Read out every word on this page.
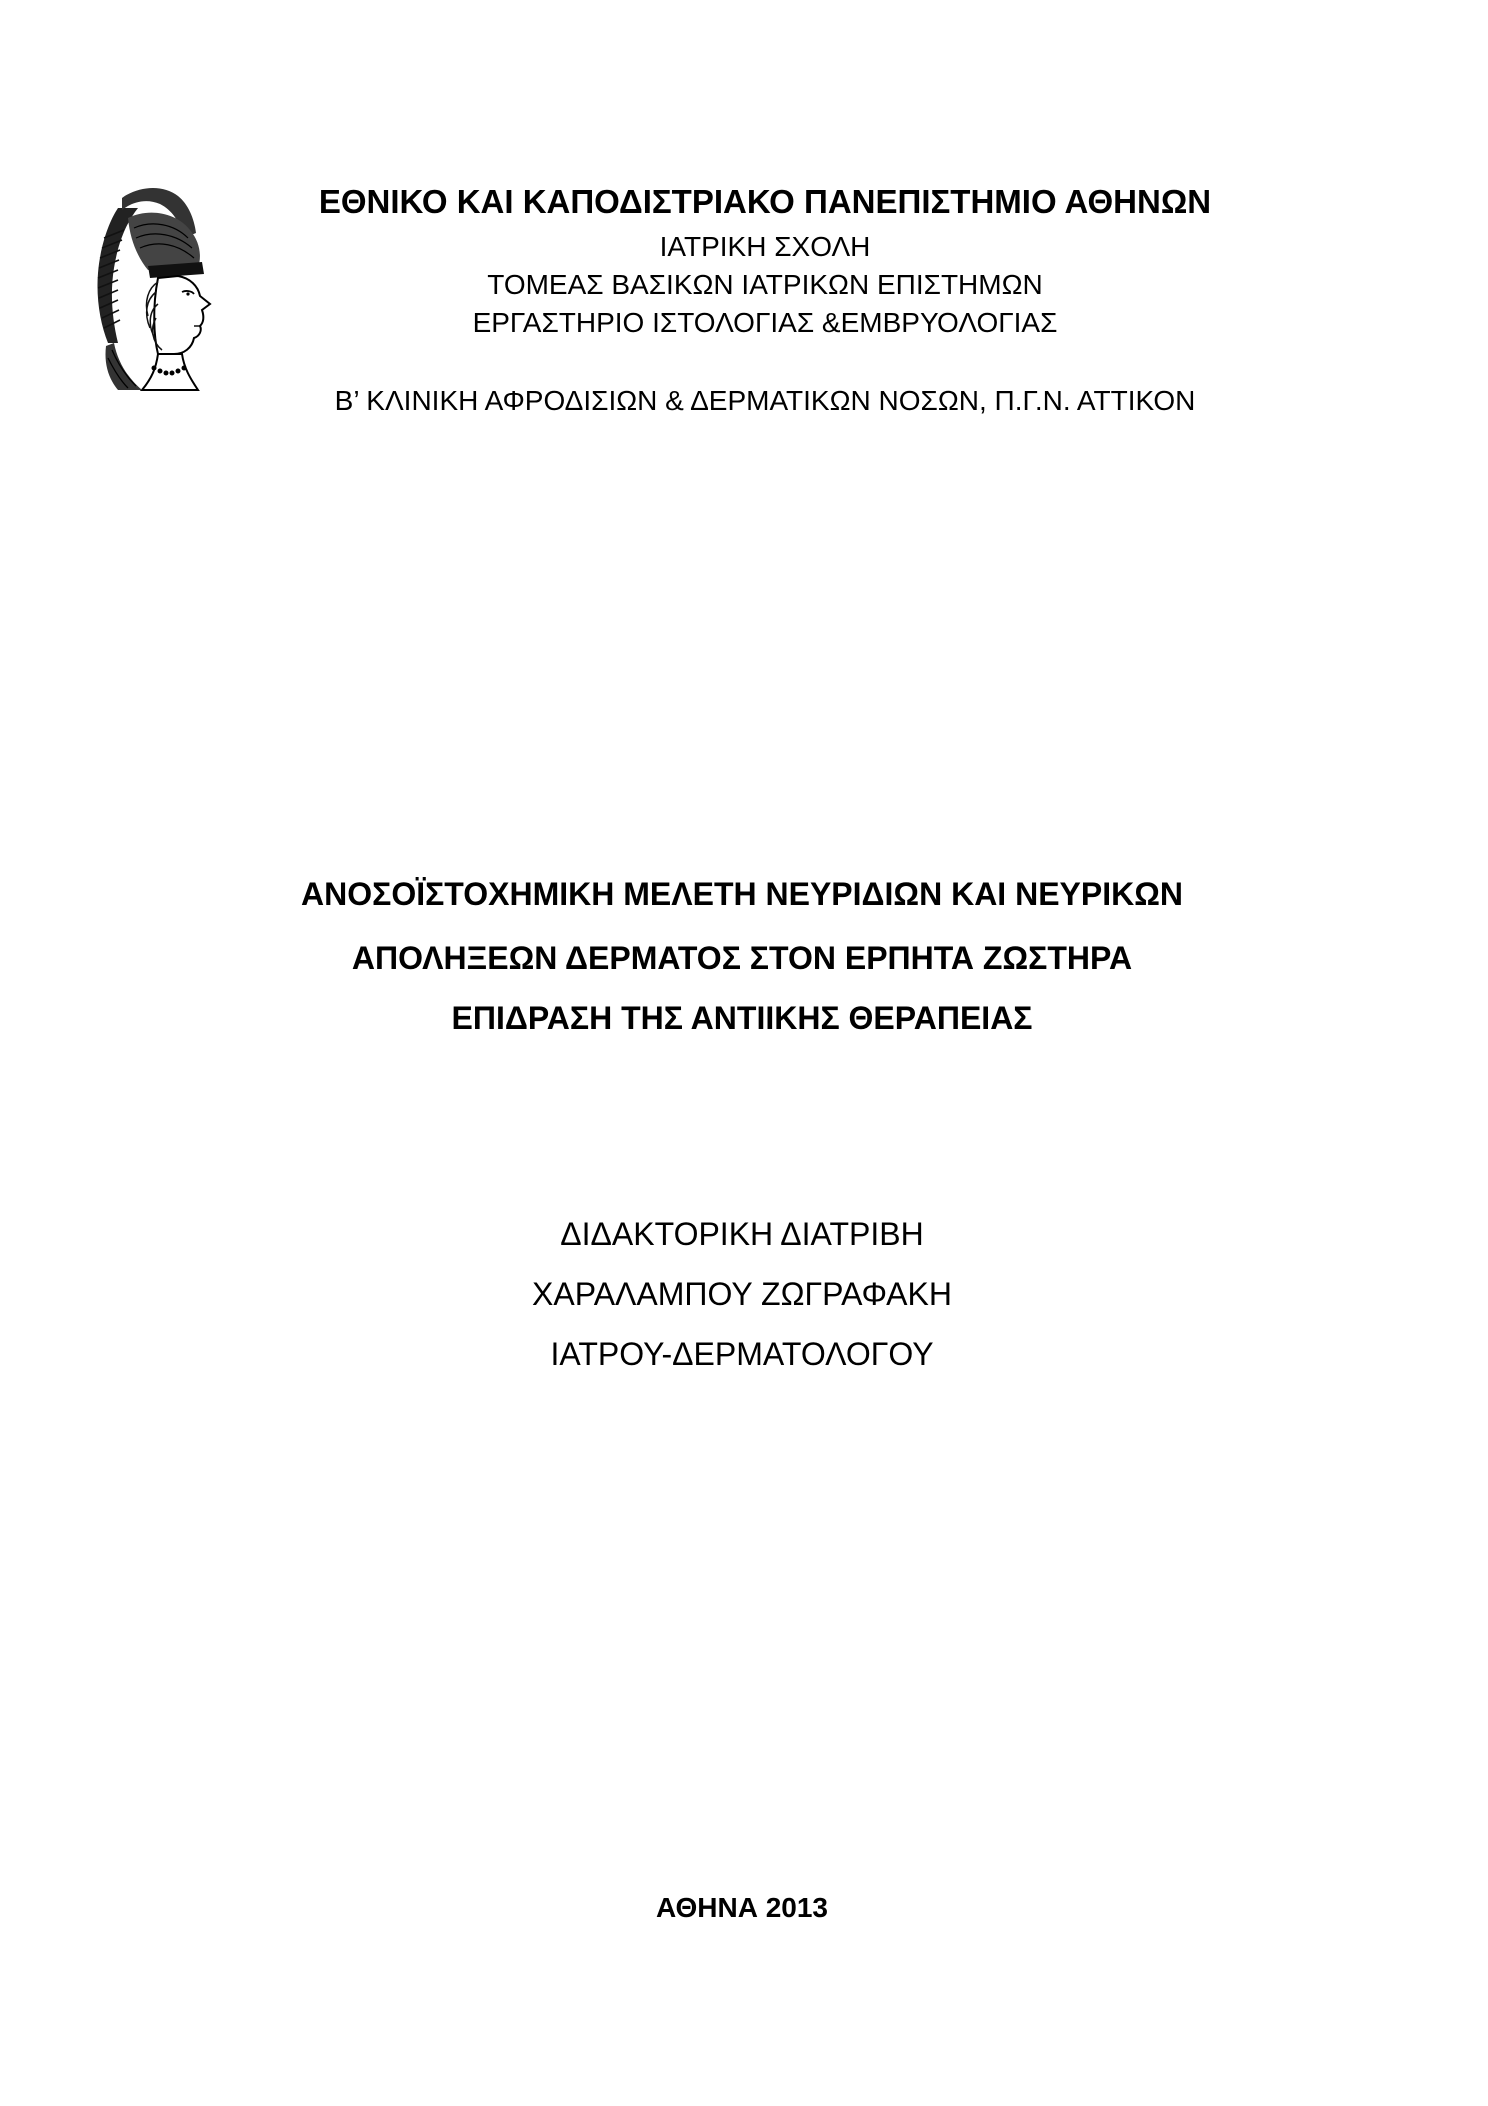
ΕΘΝΙΚΟ ΚΑΙ ΚΑΠΟΔΙΣΤΡΙΑΚΟ ΠΑΝΕΠΙΣΤΗΜΙΟ ΑΘΗΝΩΝ
ΙΑΤΡΙΚΗ ΣΧΟΛΗ
ΤΟΜΕΑΣ ΒΑΣΙΚΩΝ ΙΑΤΡΙΚΩΝ ΕΠΙΣΤΗΜΩΝ
ΕΡΓΑΣΤΗΡΙΟ ΙΣΤΟΛΟΓΙΑΣ &ΕΜΒΡΥΟΛΟΓΙΑΣ
Β’ ΚΛΙΝΙΚΗ ΑΦΡΟΔΙΣΙΩΝ & ΔΕΡΜΑΤΙΚΩΝ ΝΟΣΩΝ, Π.Γ.Ν. ΑΤΤΙΚΟΝ
ΑΝΟΣΟΪΣΤΟΧΗΜΙΚΗ ΜΕΛΕΤΗ ΝΕΥΡΙΔΙΩΝ ΚΑΙ ΝΕΥΡΙΚΩΝ
ΑΠΟΛΗΞΕΩΝ ΔΕΡΜΑΤΟΣ ΣΤΟΝ ΕΡΠΗΤΑ ΖΩΣΤΗΡΑ
ΕΠΙΔΡΑΣΗ ΤΗΣ ΑΝΤΙΙΚΗΣ ΘΕΡΑΠΕΙΑΣ
ΔΙΔΑΚΤΟΡΙΚΗ ΔΙΑΤΡΙΒΗ
ΧΑΡΑΛΑΜΠΟΥ ΖΩΓΡΑΦΑΚΗ
ΙΑΤΡΟΥ-ΔΕΡΜΑΤΟΛΟΓΟΥ
ΑΘΗΝΑ 2013
